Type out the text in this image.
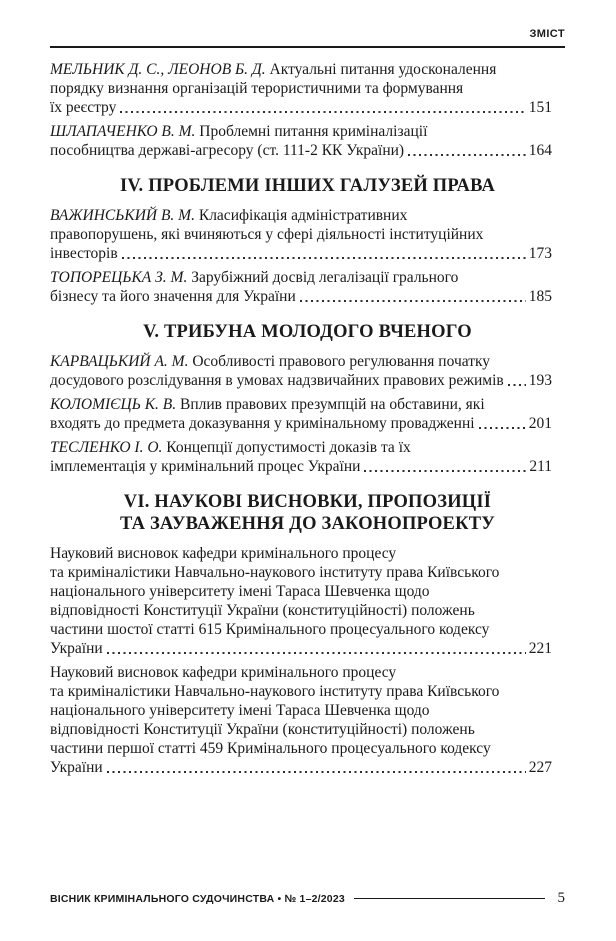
ЗМІСТ
МЕЛЬНИК Д. С., ЛЕОНОВ Б. Д. Актуальні питання удосконалення
порядку визнання організацій терористичними та формування
їх реєстру	151
ШЛАПАЧЕНКО В. М. Проблемні питання криміналізації
пособництва державі-агресору (ст. 111-2 КК України)	164
IV. ПРОБЛЕМИ ІНШИХ ГАЛУЗЕЙ ПРАВА
ВАЖИНСЬКИЙ В. М. Класифікація адміністративних
правопорушень, які вчиняються у сфері діяльності інституційних
інвесторів	173
ТОПОРЕЦЬКА З. М. Зарубіжний досвід легалізації грального
бізнесу та його значення для України	185
V. ТРИБУНА МОЛОДОГО ВЧЕНОГО
КАРВАЦЬКИЙ А. М. Особливості правового регулювання початку
досудового розслідування в умовах надзвичайних правових режимів 193
КОЛОМІЄЦЬ К. В. Вплив правових презумпцій на обставини, які
входять до предмета доказування у кримінальному провадженні	201
ТЕСЛЕНКО І. О. Концепції допустимості доказів та їх
імплементація у кримінальний процес України	211
VI. НАУКОВІ ВИСНОВКИ, ПРОПОЗИЦІЇ
ТА ЗАУВАЖЕННЯ ДО ЗАКОНОПРОЕКТУ
Науковий висновок кафедри кримінального процесу
та криміналістики Навчально-наукового інституту права Київського
національного університету імені Тараса Шевченка щодо
відповідності Конституції України (конституційності) положень
частини шостої статті 615 Кримінального процесуального кодексу
України	221
Науковий висновок кафедри кримінального процесу
та криміналістики Навчально-наукового інституту права Київського
національного університету імені Тараса Шевченка щодо
відповідності Конституції України (конституційності) положень
частини першої статті 459 Кримінального процесуального кодексу
України	227
ВІСНИК КРИМІНАЛЬНОГО СУДОЧИНСТВА • № 1–2/2023	5
